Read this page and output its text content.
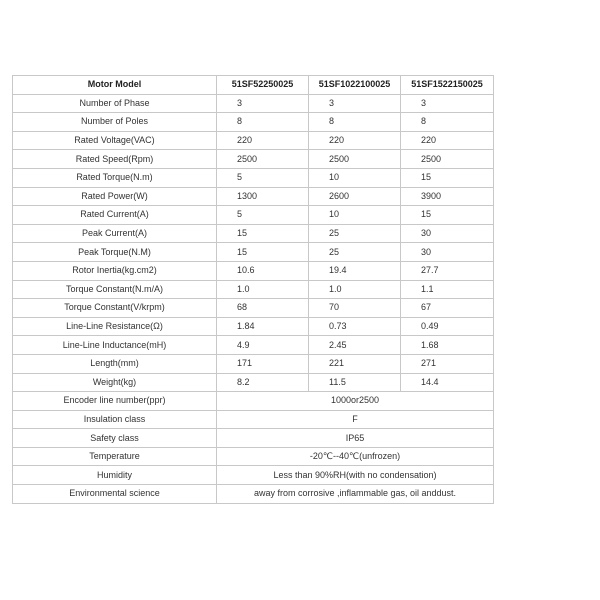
Motor Model	51SF52250025	51SF1022100025	51SF1522150025
Number of Phase	3	3	3
Number of Poles	8	8	8
Rated Voltage(VAC)	220	220	220
Rated Speed(Rpm)	2500	2500	2500
Rated Torque(N.m)	5	10	15
Rated Power(W)	1300	2600	3900
Rated Current(A)	5	10	15
Peak Current(A)	15	25	30
Peak Torque(N.M)	15	25	30
Rotor Inertia(kg.cm2)	10.6	19.4	27.7
Torque Constant(N.m/A)	1.0	1.0	1.1
Torque Constant(V/krpm)	68	70	67
Line-Line Resistance(Ω)	1.84	0.73	0.49
Line-Line Inductance(mH)	4.9	2.45	1.68
Length(mm)	171	221	271
Weight(kg)	8.2	11.5	14.4
Encoder line number(ppr)	1000or2500		
Insulation class	F		
Safety class	IP65		
Temperature	-20℃--40℃(unfrozen)		
Humidity	Less than 90%RH(with no condensation)		
Environmental science	away from corrosive ,inflammable gas, oil anddust.		
